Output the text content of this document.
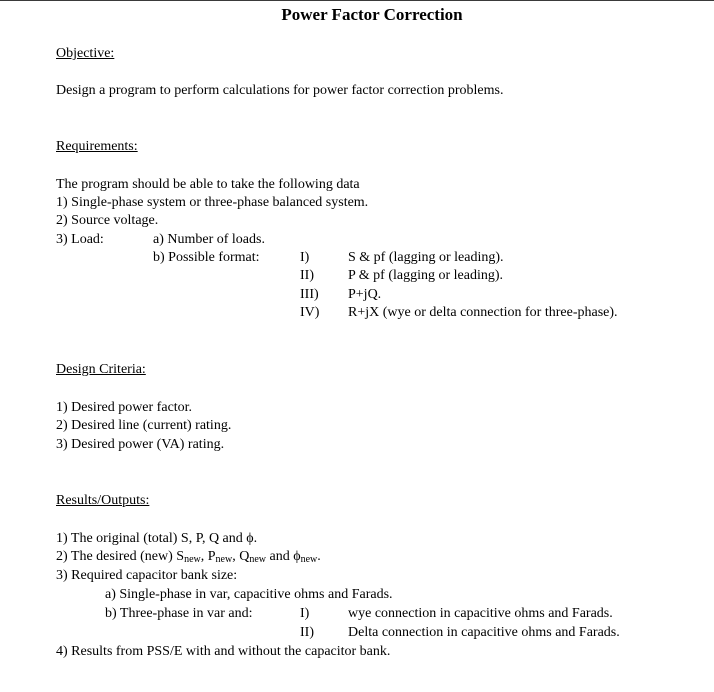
Power Factor Correction
Objective:
Design a program to perform calculations for power factor correction problems.
Requirements:
The program should be able to take the following data
1) Single-phase system or three-phase balanced system.
2) Source voltage.
3) Load:	a) Number of loads.
b) Possible format:	I)	S & pf (lagging or leading).
II) P & pf (lagging or leading).
III) P+jQ.
IV) R+jX (wye or delta connection for three-phase).
Design Criteria:
1) Desired power factor.
2) Desired line (current) rating.
3) Desired power (VA) rating.
Results/Outputs:
1) The original (total) S, P, Q and ϕ.
2) The desired (new) $S_{new}$, $P_{new}$, $Q_{new}$ and $\phi_{new}$.
3) Required capacitor bank size:
a) Single-phase in var, capacitive ohms and Farads.
b) Three-phase in var and:	I)	wye connection in capacitive ohms and Farads.
II) Delta connection in capacitive ohms and Farads.
4) Results from PSS/E with and without the capacitor bank.
